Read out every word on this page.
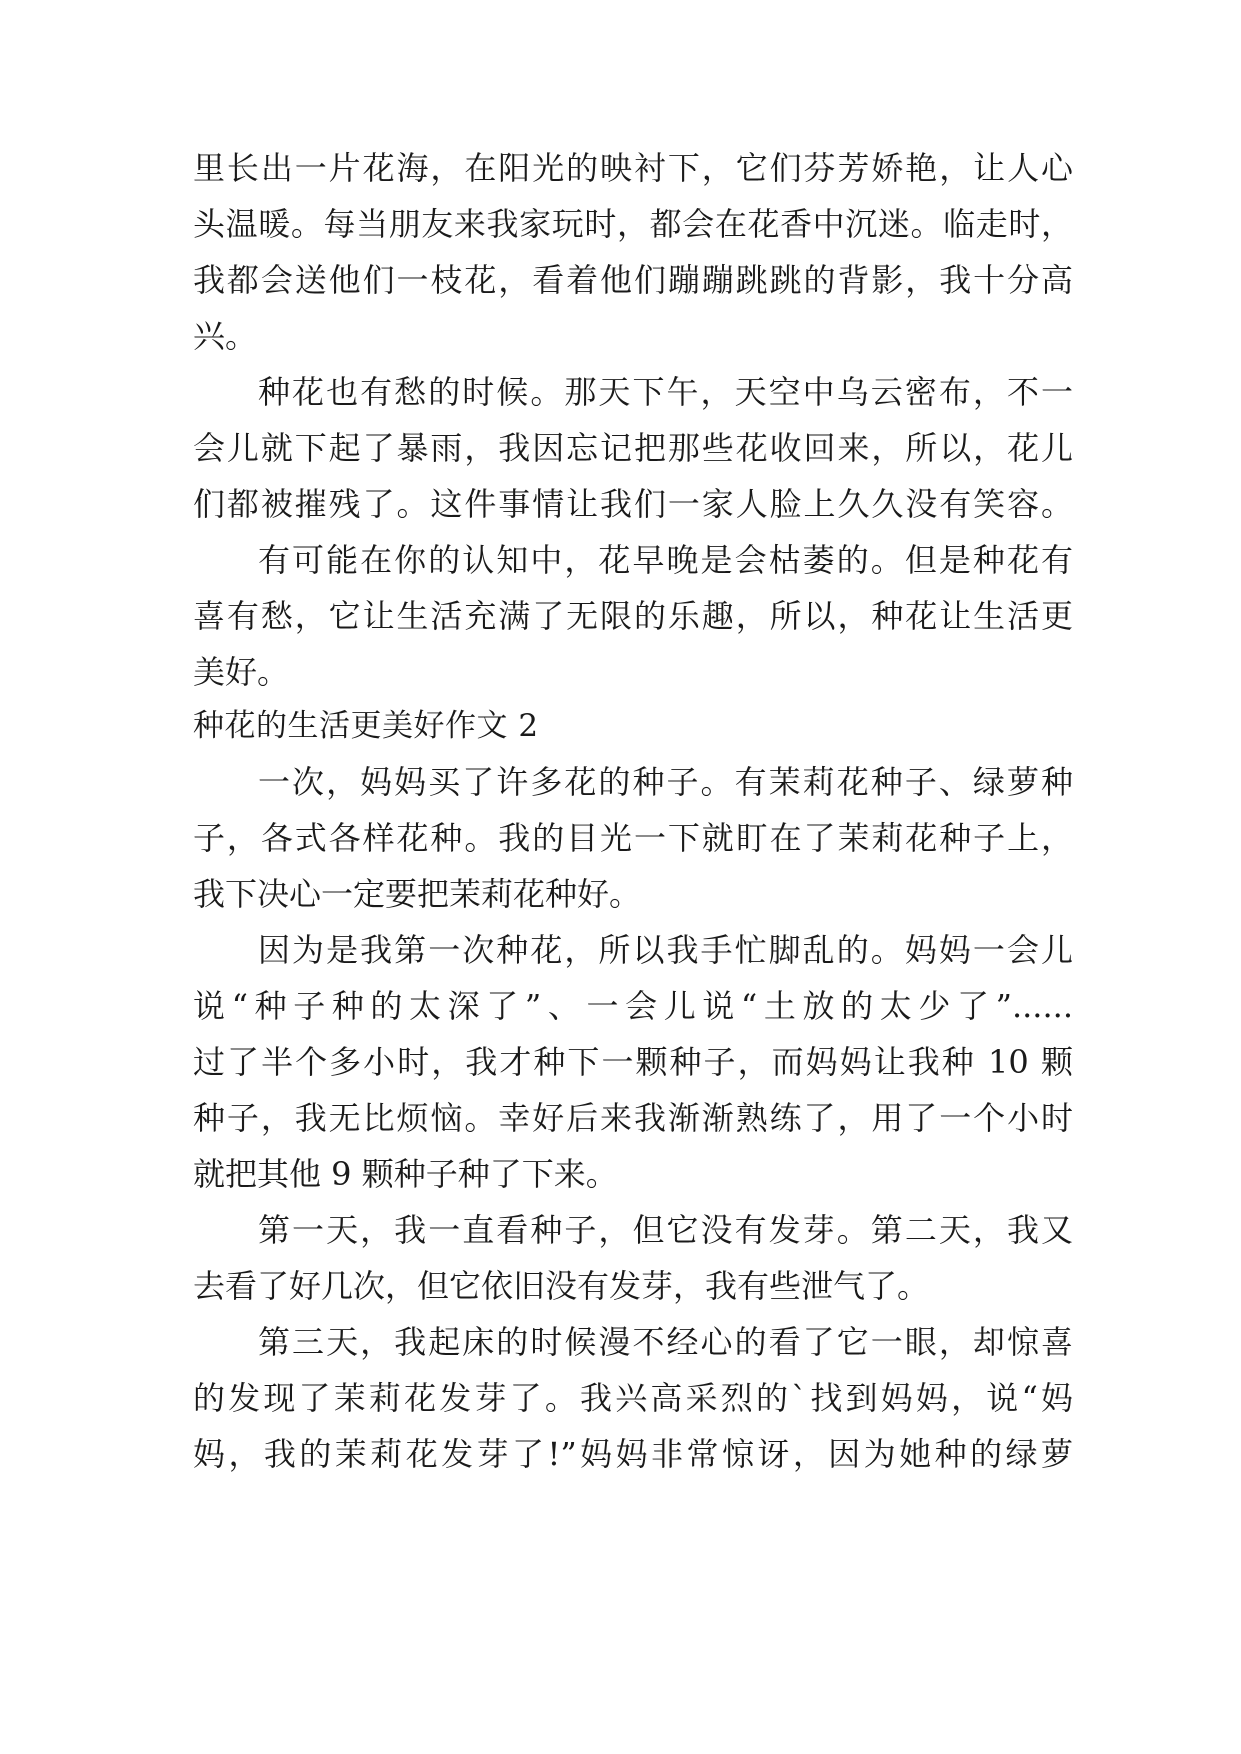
里长出一片花海，在阳光的映衬下，它们芬芳娇艳，让人心
头温暖。每当朋友来我家玩时，都会在花香中沉迷。临走时，
我都会送他们一枝花，看着他们蹦蹦跳跳的背影，我十分高
兴。
种花也有愁的时候。那天下午，天空中乌云密布，不一
会儿就下起了暴雨，我因忘记把那些花收回来，所以，花儿
们都被摧残了。这件事情让我们一家人脸上久久没有笑容。
有可能在你的认知中，花早晚是会枯萎的。但是种花有
喜有愁，它让生活充满了无限的乐趣，所以，种花让生活更
美好。
种花的生活更美好作文 2
一次，妈妈买了许多花的种子。有茉莉花种子、绿萝种
子，各式各样花种。我的目光一下就盯在了茉莉花种子上，
我下决心一定要把茉莉花种好。
因为是我第一次种花，所以我手忙脚乱的。妈妈一会儿
说“种子种的太深了”、一会儿说“土放的太少了”......
过了半个多小时，我才种下一颗种子，而妈妈让我种 10 颗
种子，我无比烦恼。幸好后来我渐渐熟练了，用了一个小时
就把其他 9 颗种子种了下来。
第一天，我一直看种子，但它没有发芽。第二天，我又
去看了好几次，但它依旧没有发芽，我有些泄气了。
第三天，我起床的时候漫不经心的看了它一眼，却惊喜
的发现了茉莉花发芽了。我兴高采烈的`找到妈妈，说“妈
妈，我的茉莉花发芽了!”妈妈非常惊讶，因为她种的绿萝
